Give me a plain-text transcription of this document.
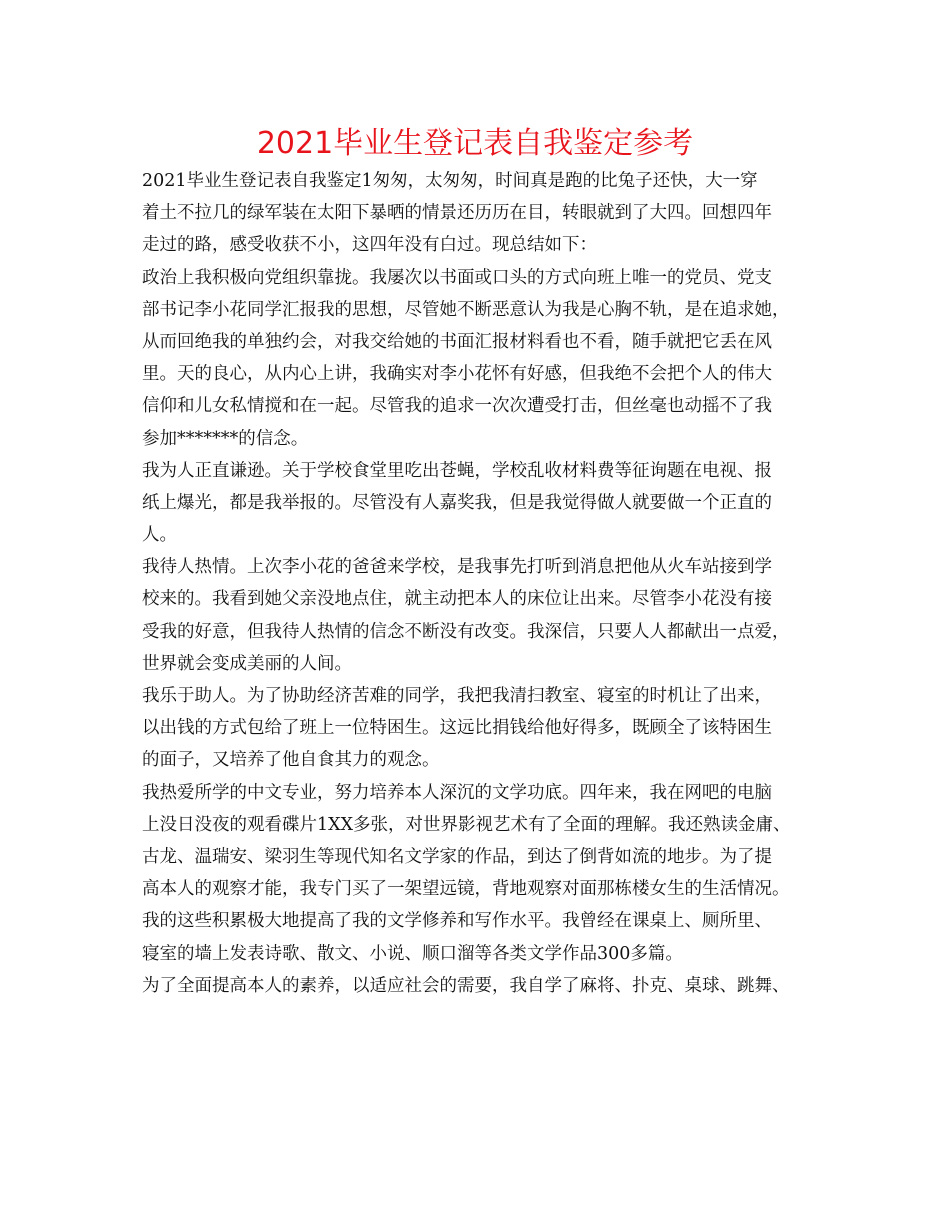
2021毕业生登记表自我鉴定参考
2021毕业生登记表自我鉴定1匆匆，太匆匆，时间真是跑的比兔子还快，大一穿
着土不拉几的绿军装在太阳下暴晒的情景还历历在目，转眼就到了大四。回想四年
走过的路，感受收获不小，这四年没有白过。现总结如下：
政治上我积极向党组织靠拢。我屡次以书面或口头的方式向班上唯一的党员、党支
部书记李小花同学汇报我的思想，尽管她不断恶意认为我是心胸不轨，是在追求她，
从而回绝我的单独约会，对我交给她的书面汇报材料看也不看，随手就把它丢在风
里。天的良心，从内心上讲，我确实对李小花怀有好感，但我绝不会把个人的伟大
信仰和儿女私情搅和在一起。尽管我的追求一次次遭受打击，但丝毫也动摇不了我
参加*******的信念。
我为人正直谦逊。关于学校食堂里吃出苍蝇，学校乱收材料费等征询题在电视、报
纸上爆光，都是我举报的。尽管没有人嘉奖我，但是我觉得做人就要做一个正直的
人。
我待人热情。上次李小花的爸爸来学校，是我事先打听到消息把他从火车站接到学
校来的。我看到她父亲没地点住，就主动把本人的床位让出来。尽管李小花没有接
受我的好意，但我待人热情的信念不断没有改变。我深信，只要人人都献出一点爱，
世界就会变成美丽的人间。
我乐于助人。为了协助经济苦难的同学，我把我清扫教室、寝室的时机让了出来，
以出钱的方式包给了班上一位特困生。这远比捐钱给他好得多，既顾全了该特困生
的面子，又培养了他自食其力的观念。
我热爱所学的中文专业，努力培养本人深沉的文学功底。四年来，我在网吧的电脑
上没日没夜的观看碟片1XX多张，对世界影视艺术有了全面的理解。我还熟读金庸、
古龙、温瑞安、梁羽生等现代知名文学家的作品，到达了倒背如流的地步。为了提
高本人的观察才能，我专门买了一架望远镜，背地观察对面那栋楼女生的生活情况。
我的这些积累极大地提高了我的文学修养和写作水平。我曾经在课桌上、厕所里、
寝室的墙上发表诗歌、散文、小说、顺口溜等各类文学作品300多篇。
为了全面提高本人的素养，以适应社会的需要，我自学了麻将、扑克、桌球、跳舞、
